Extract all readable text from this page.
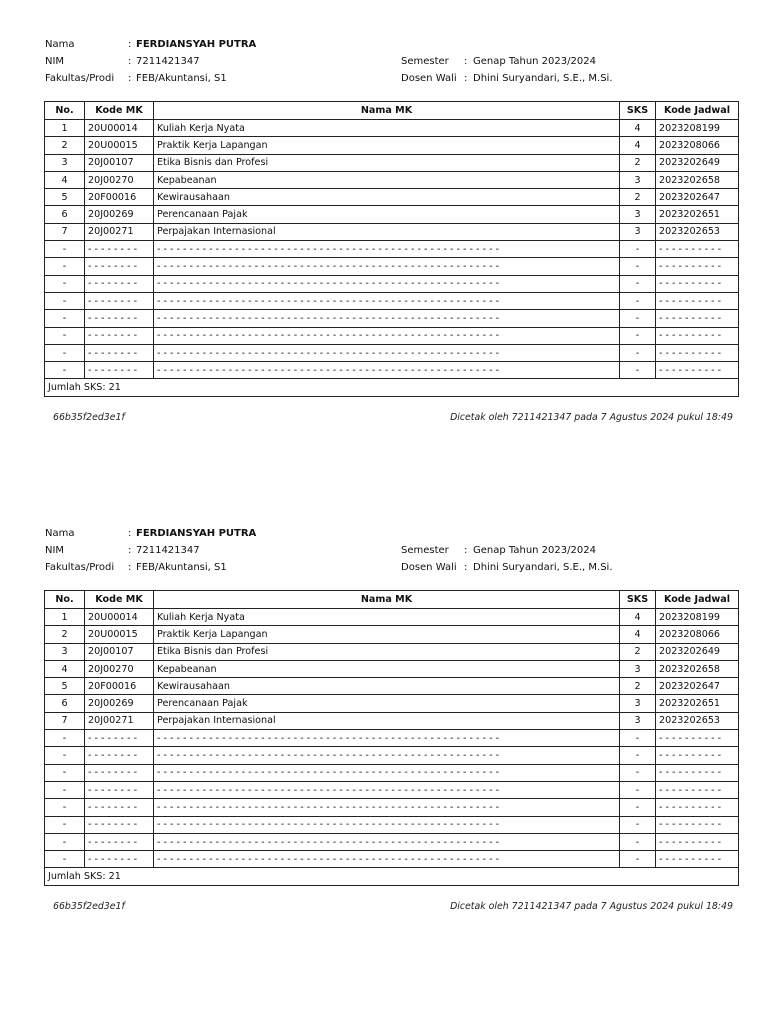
Nama	: FERDIANSYAH PUTRA
NIM	: 7211421347	Semester : Genap Tahun 2023/2024
Fakultas/Prodi	: FEB/Akuntansi, S1	Dosen Wali : Dhini Suryandari, S.E., M.Si.
No.	Kode MK	Nama MK	SKS	Kode Jadwal
1	20U00014	Kuliah Kerja Nyata	4	2023208199
2	20U00015	Praktik Kerja Lapangan	4	2023208066
3	20J00107	Etika Bisnis dan Profesi	2	2023202649
4	20J00270	Kepabeanan	3	2023202658
5	20F00016	Kewirausahaan	2	2023202647
6	20J00269	Perencanaan Pajak	3	2023202651
7	20J00271	Perpajakan Internasional	3	2023202653
-	- - - - - - - -	- - - - - - - - - - - - - - - - - - - - - - - - - - - - - - - - - - - - - - - - - - - - - - - - - - - - -	-	- - - - - - - - - -
-	- - - - - - - -	- - - - - - - - - - - - - - - - - - - - - - - - - - - - - - - - - - - - - - - - - - - - - - - - - - - - -	-	- - - - - - - - - -
-	- - - - - - - -	- - - - - - - - - - - - - - - - - - - - - - - - - - - - - - - - - - - - - - - - - - - - - - - - - - - - -	-	- - - - - - - - - -
-	- - - - - - - -	- - - - - - - - - - - - - - - - - - - - - - - - - - - - - - - - - - - - - - - - - - - - - - - - - - - - -	-	- - - - - - - - - -
-	- - - - - - - -	- - - - - - - - - - - - - - - - - - - - - - - - - - - - - - - - - - - - - - - - - - - - - - - - - - - - -	-	- - - - - - - - - -
-	- - - - - - - -	- - - - - - - - - - - - - - - - - - - - - - - - - - - - - - - - - - - - - - - - - - - - - - - - - - - - -	-	- - - - - - - - - -
-	- - - - - - - -	- - - - - - - - - - - - - - - - - - - - - - - - - - - - - - - - - - - - - - - - - - - - - - - - - - - - -	-	- - - - - - - - - -
-	- - - - - - - -	- - - - - - - - - - - - - - - - - - - - - - - - - - - - - - - - - - - - - - - - - - - - - - - - - - - - -	-	- - - - - - - - - -
Jumlah SKS: 21				
66b35f2ed3e1f	Dicetak oleh 7211421347 pada 7 Agustus 2024 pukul 18:49
Nama	: FERDIANSYAH PUTRA
NIM	: 7211421347	Semester : Genap Tahun 2023/2024
Fakultas/Prodi	: FEB/Akuntansi, S1	Dosen Wali : Dhini Suryandari, S.E., M.Si.
No.	Kode MK	Nama MK	SKS	Kode Jadwal
1	20U00014	Kuliah Kerja Nyata	4	2023208199
2	20U00015	Praktik Kerja Lapangan	4	2023208066
3	20J00107	Etika Bisnis dan Profesi	2	2023202649
4	20J00270	Kepabeanan	3	2023202658
5	20F00016	Kewirausahaan	2	2023202647
6	20J00269	Perencanaan Pajak	3	2023202651
7	20J00271	Perpajakan Internasional	3	2023202653
-	- - - - - - - -	- - - - - - - - - - - - - - - - - - - - - - - - - - - - - - - - - - - - - - - - - - - - - - - - - - - - -	-	- - - - - - - - - -
-	- - - - - - - -	- - - - - - - - - - - - - - - - - - - - - - - - - - - - - - - - - - - - - - - - - - - - - - - - - - - - -	-	- - - - - - - - - -
-	- - - - - - - -	- - - - - - - - - - - - - - - - - - - - - - - - - - - - - - - - - - - - - - - - - - - - - - - - - - - - -	-	- - - - - - - - - -
-	- - - - - - - -	- - - - - - - - - - - - - - - - - - - - - - - - - - - - - - - - - - - - - - - - - - - - - - - - - - - - -	-	- - - - - - - - - -
-	- - - - - - - -	- - - - - - - - - - - - - - - - - - - - - - - - - - - - - - - - - - - - - - - - - - - - - - - - - - - - -	-	- - - - - - - - - -
-	- - - - - - - -	- - - - - - - - - - - - - - - - - - - - - - - - - - - - - - - - - - - - - - - - - - - - - - - - - - - - -	-	- - - - - - - - - -
-	- - - - - - - -	- - - - - - - - - - - - - - - - - - - - - - - - - - - - - - - - - - - - - - - - - - - - - - - - - - - - -	-	- - - - - - - - - -
-	- - - - - - - -	- - - - - - - - - - - - - - - - - - - - - - - - - - - - - - - - - - - - - - - - - - - - - - - - - - - - -	-	- - - - - - - - - -
Jumlah SKS: 21				
66b35f2ed3e1f	Dicetak oleh 7211421347 pada 7 Agustus 2024 pukul 18:49
